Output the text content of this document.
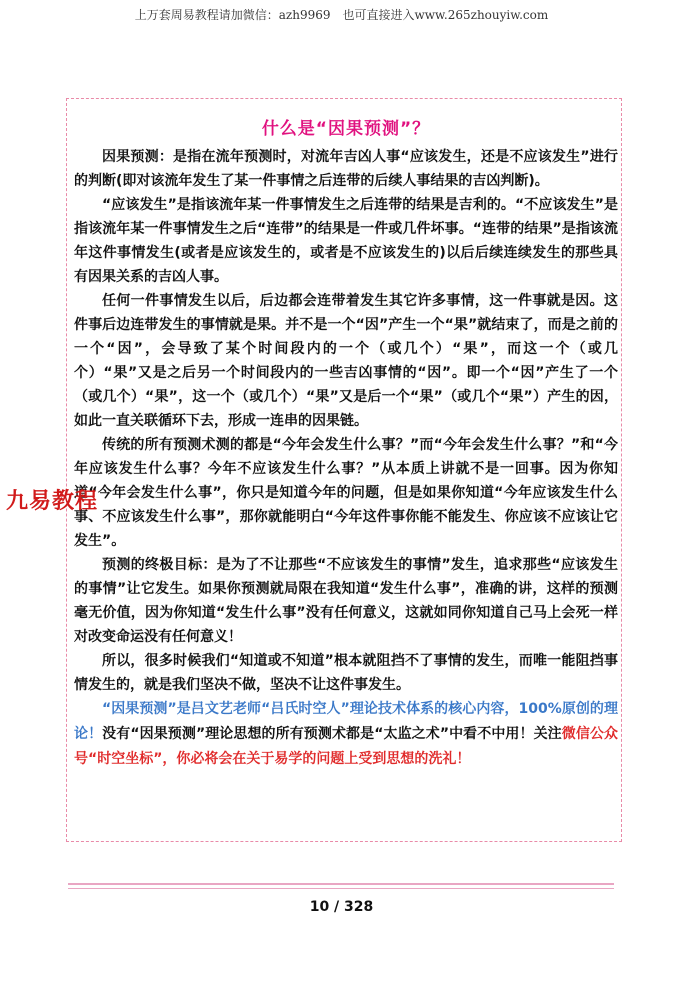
上万套周易教程请加微信：azh9969　也可直接进入www.265zhouyiw.com
什么是“因果预测”？

因果预测：是指在流年预测时，对流年吉凶人事“应该发生，还是不应该发生”进行的判断(即对该流年发生了某一件事情之后连带的后续人事结果的吉凶判断)。

“应该发生”是指该流年某一件事情发生之后连带的结果是吉利的。“不应该发生”是指该流年某一件事情发生之后“连带”的结果是一件或几件坏事。“连带的结果”是指该流年这件事情发生(或者是应该发生的，或者是不应该发生的)以后后续连续发生的那些具有因果关系的吉凶人事。

任何一件事情发生以后，后边都会连带着发生其它许多事情，这一件事就是因。这件事后边连带发生的事情就是果。并不是一个“因”产生一个“果”就结束了，而是之前的一个“因”，会导致了某个时间段内的一个（或几个）“果”，而这一个（或几个）“果”又是之后另一个时间段内的一些吉凶事情的“因”。即一个“因”产生了一个（或几个）“果”，这一个（或几个）“果”又是后一个“果”（或几个“果”）产生的因，如此一直关联循环下去，形成一连串的因果链。

传统的所有预测术测的都是“今年会发生什么事？”而“今年会发生什么事？”和“今年应该发生什么事？今年不应该发生什么事？”从本质上讲就不是一回事。因为你知道“今年会发生什么事”，你只是知道今年的问题，但是如果你知道“今年应该发生什么事、不应该发生什么事”，那你就能明白“今年这件事你能不能发生、你应该不应该让它发生”。

预测的终极目标：是为了不让那些“不应该发生的事情”发生，追求那些“应该发生的事情”让它发生。如果你预测就局限在我知道“发生什么事”，准确的讲，这样的预测毫无价值，因为你知道“发生什么事”没有任何意义，这就如同你知道自己马上会死一样对改变命运没有任何意义！

所以，很多时候我们“知道或不知道”根本就阻挡不了事情的发生，而唯一能阻挡事情发生的，就是我们坚决不做，坚决不让这件事发生。

“因果预测”是吕文艺老师“吕氏时空人”理论技术体系的核心内容，100%原创的理论！没有“因果预测”理论思想的所有预测术都是“太监之术”中看不中用！关注微信公众号“时空坐标”，你必将会在关于易学的问题上受到思想的洗礼！

九易教程
10 / 328
